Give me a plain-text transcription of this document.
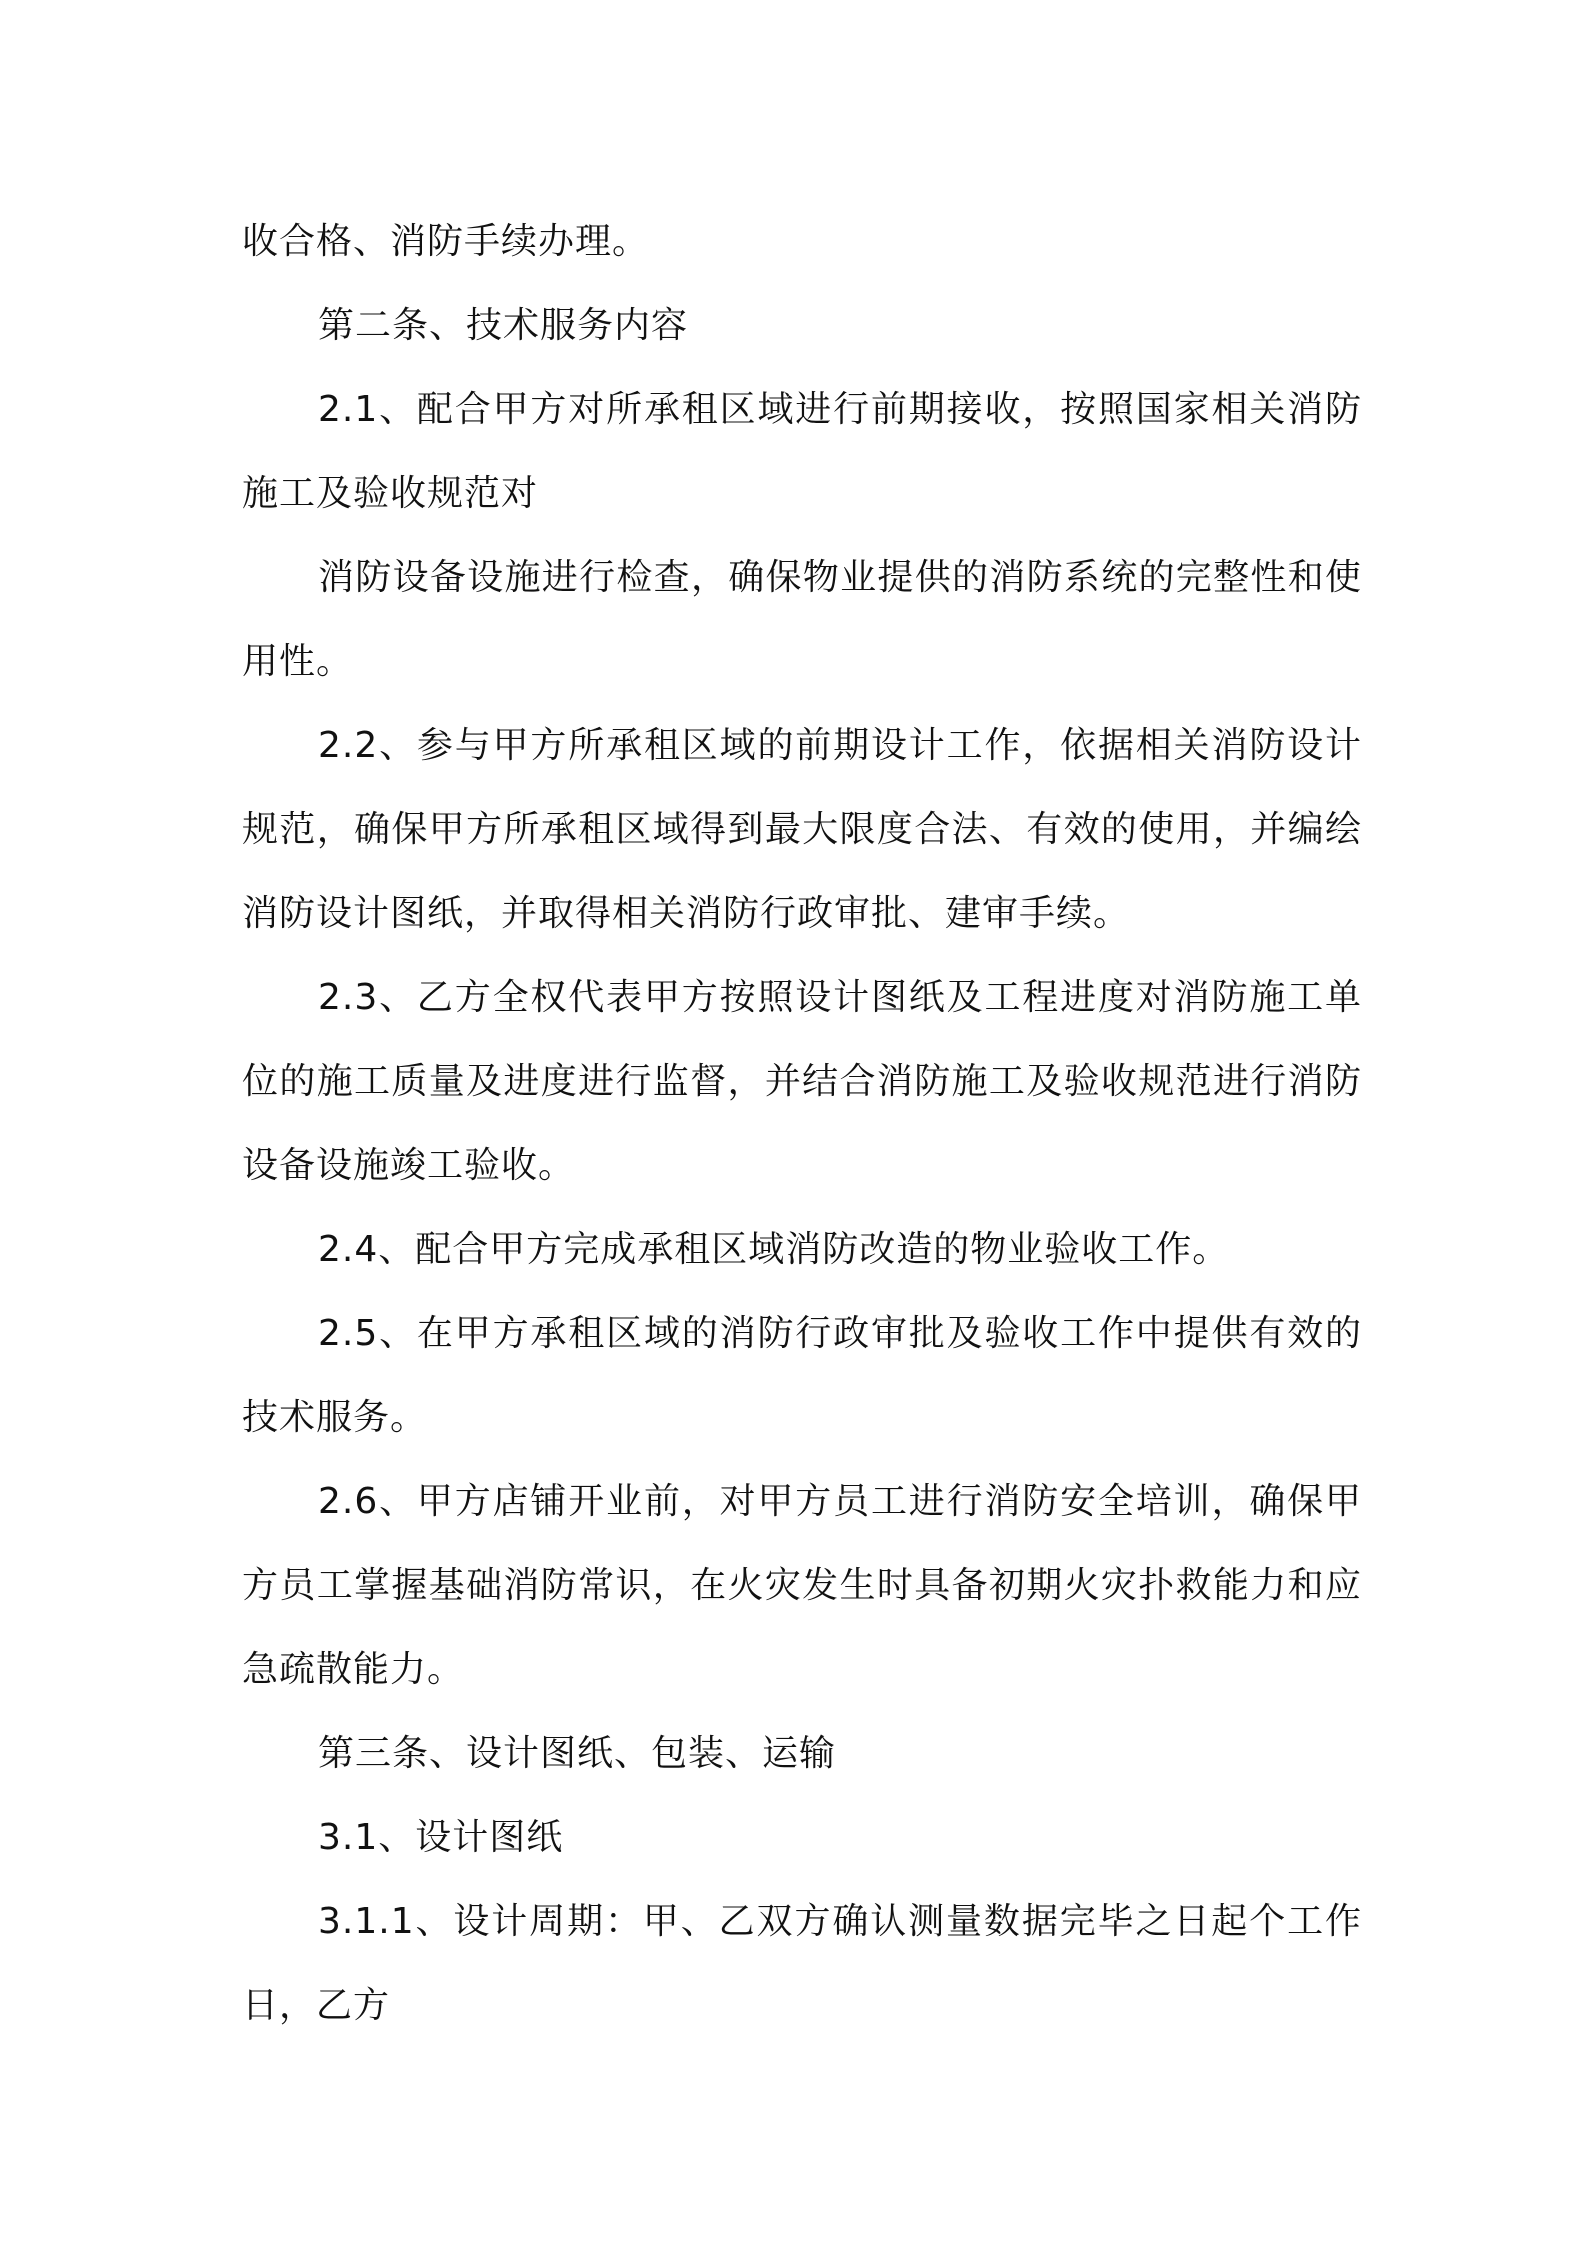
收合格、消防手续办理。

第二条、技术服务内容

2.1、配合甲方对所承租区域进行前期接收，按照国家相关消防施工及验收规范对

消防设备设施进行检查，确保物业提供的消防系统的完整性和使用性。

2.2、参与甲方所承租区域的前期设计工作，依据相关消防设计规范，确保甲方所承租区域得到最大限度合法、有效的使用，并编绘消防设计图纸，并取得相关消防行政审批、建审手续。

2.3、乙方全权代表甲方按照设计图纸及工程进度对消防施工单位的施工质量及进度进行监督，并结合消防施工及验收规范进行消防设备设施竣工验收。

2.4、配合甲方完成承租区域消防改造的物业验收工作。

2.5、在甲方承租区域的消防行政审批及验收工作中提供有效的技术服务。

2.6、甲方店铺开业前，对甲方员工进行消防安全培训，确保甲方员工掌握基础消防常识，在火灾发生时具备初期火灾扑救能力和应急疏散能力。

第三条、设计图纸、包装、运输

3.1、设计图纸

3.1.1、设计周期：甲、乙双方确认测量数据完毕之日起个工作日，乙方
